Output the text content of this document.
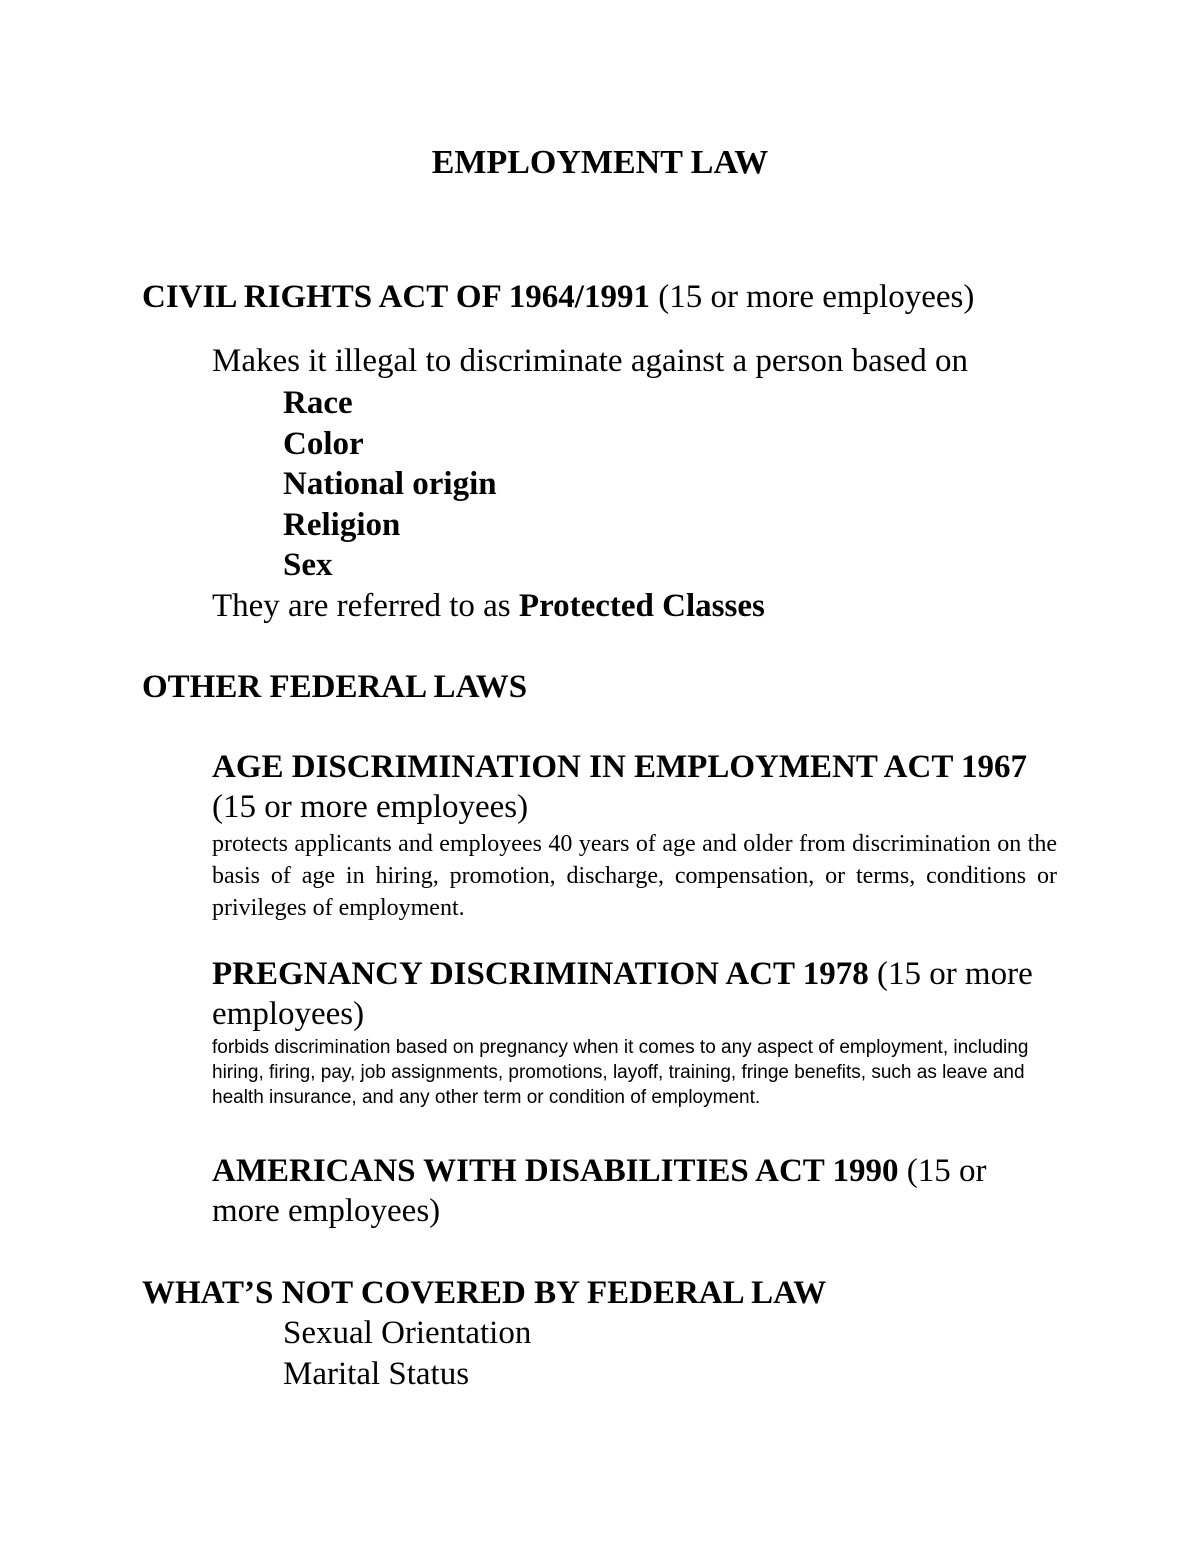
EMPLOYMENT LAW

CIVIL RIGHTS ACT OF 1964/1991 (15 or more employees)

Makes it illegal to discriminate against a person based on

Race
Color
National origin
Religion
Sex

They are referred to as Protected Classes

OTHER FEDERAL LAWS

AGE DISCRIMINATION IN EMPLOYMENT ACT 1967 (15 or more employees)

protects applicants and employees 40 years of age and older from discrimination on the basis of age in hiring, promotion, discharge, compensation, or terms, conditions or privileges of employment.

PREGNANCY DISCRIMINATION ACT 1978 (15 or more employees)

forbids discrimination based on pregnancy when it comes to any aspect of employment, including hiring, firing, pay, job assignments, promotions, layoff, training, fringe benefits, such as leave and health insurance, and any other term or condition of employment.

AMERICANS WITH DISABILITIES ACT 1990 (15 or more employees)

WHAT’S NOT COVERED BY FEDERAL LAW
Sexual Orientation
Marital Status
